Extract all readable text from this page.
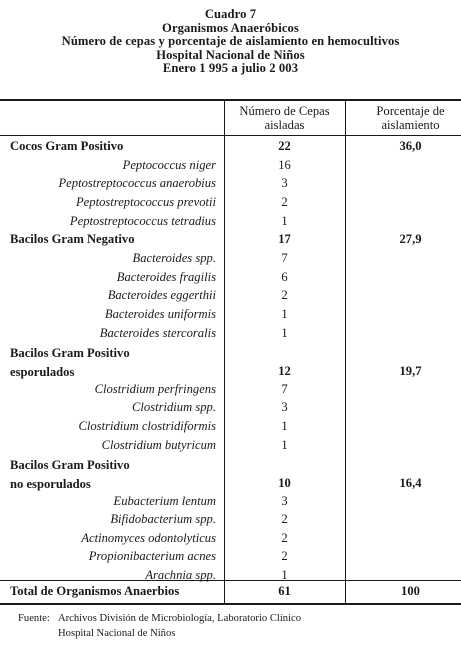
Cuadro 7
Organismos Anaeróbicos
Número de cepas y porcentaje de aislamiento en hemocultivos
Hospital Nacional de Niños
Enero 1 995 a julio 2 003
Número de Cepas
aisladas
Porcentaje de
aislamiento
Cocos Gram Positivo	22	36,0
Peptococcus niger	16
Peptostreptococcus anaerobius	3
Peptostreptococcus prevotii	2
Peptostreptococcus tetradius	1
Bacilos Gram Negativo	17	27,9
Bacteroides spp.	7
Bacteroides fragilis	6
Bacteroides eggerthii	2
Bacteroides uniformis	1
Bacteroides stercoralis	1
Bacilos Gram Positivo
esporulados	12	19,7
Clostridium perfringens	7
Clostridium spp.	3
Clostridium clostridiformis	1
Clostridium butyricum	1
Bacilos Gram Positivo
no esporulados	10	16,4
Eubacterium lentum	3
Bifidobacterium spp.	2
Actinomyces odontolyticus	2
Propionibacterium acnes	2
Arachnia spp.	1
Total de Organismos Anaerbios	61	100
Fuente: Archivos División de Microbiología, Laboratorio Clínico
Hospital Nacional de Niños
